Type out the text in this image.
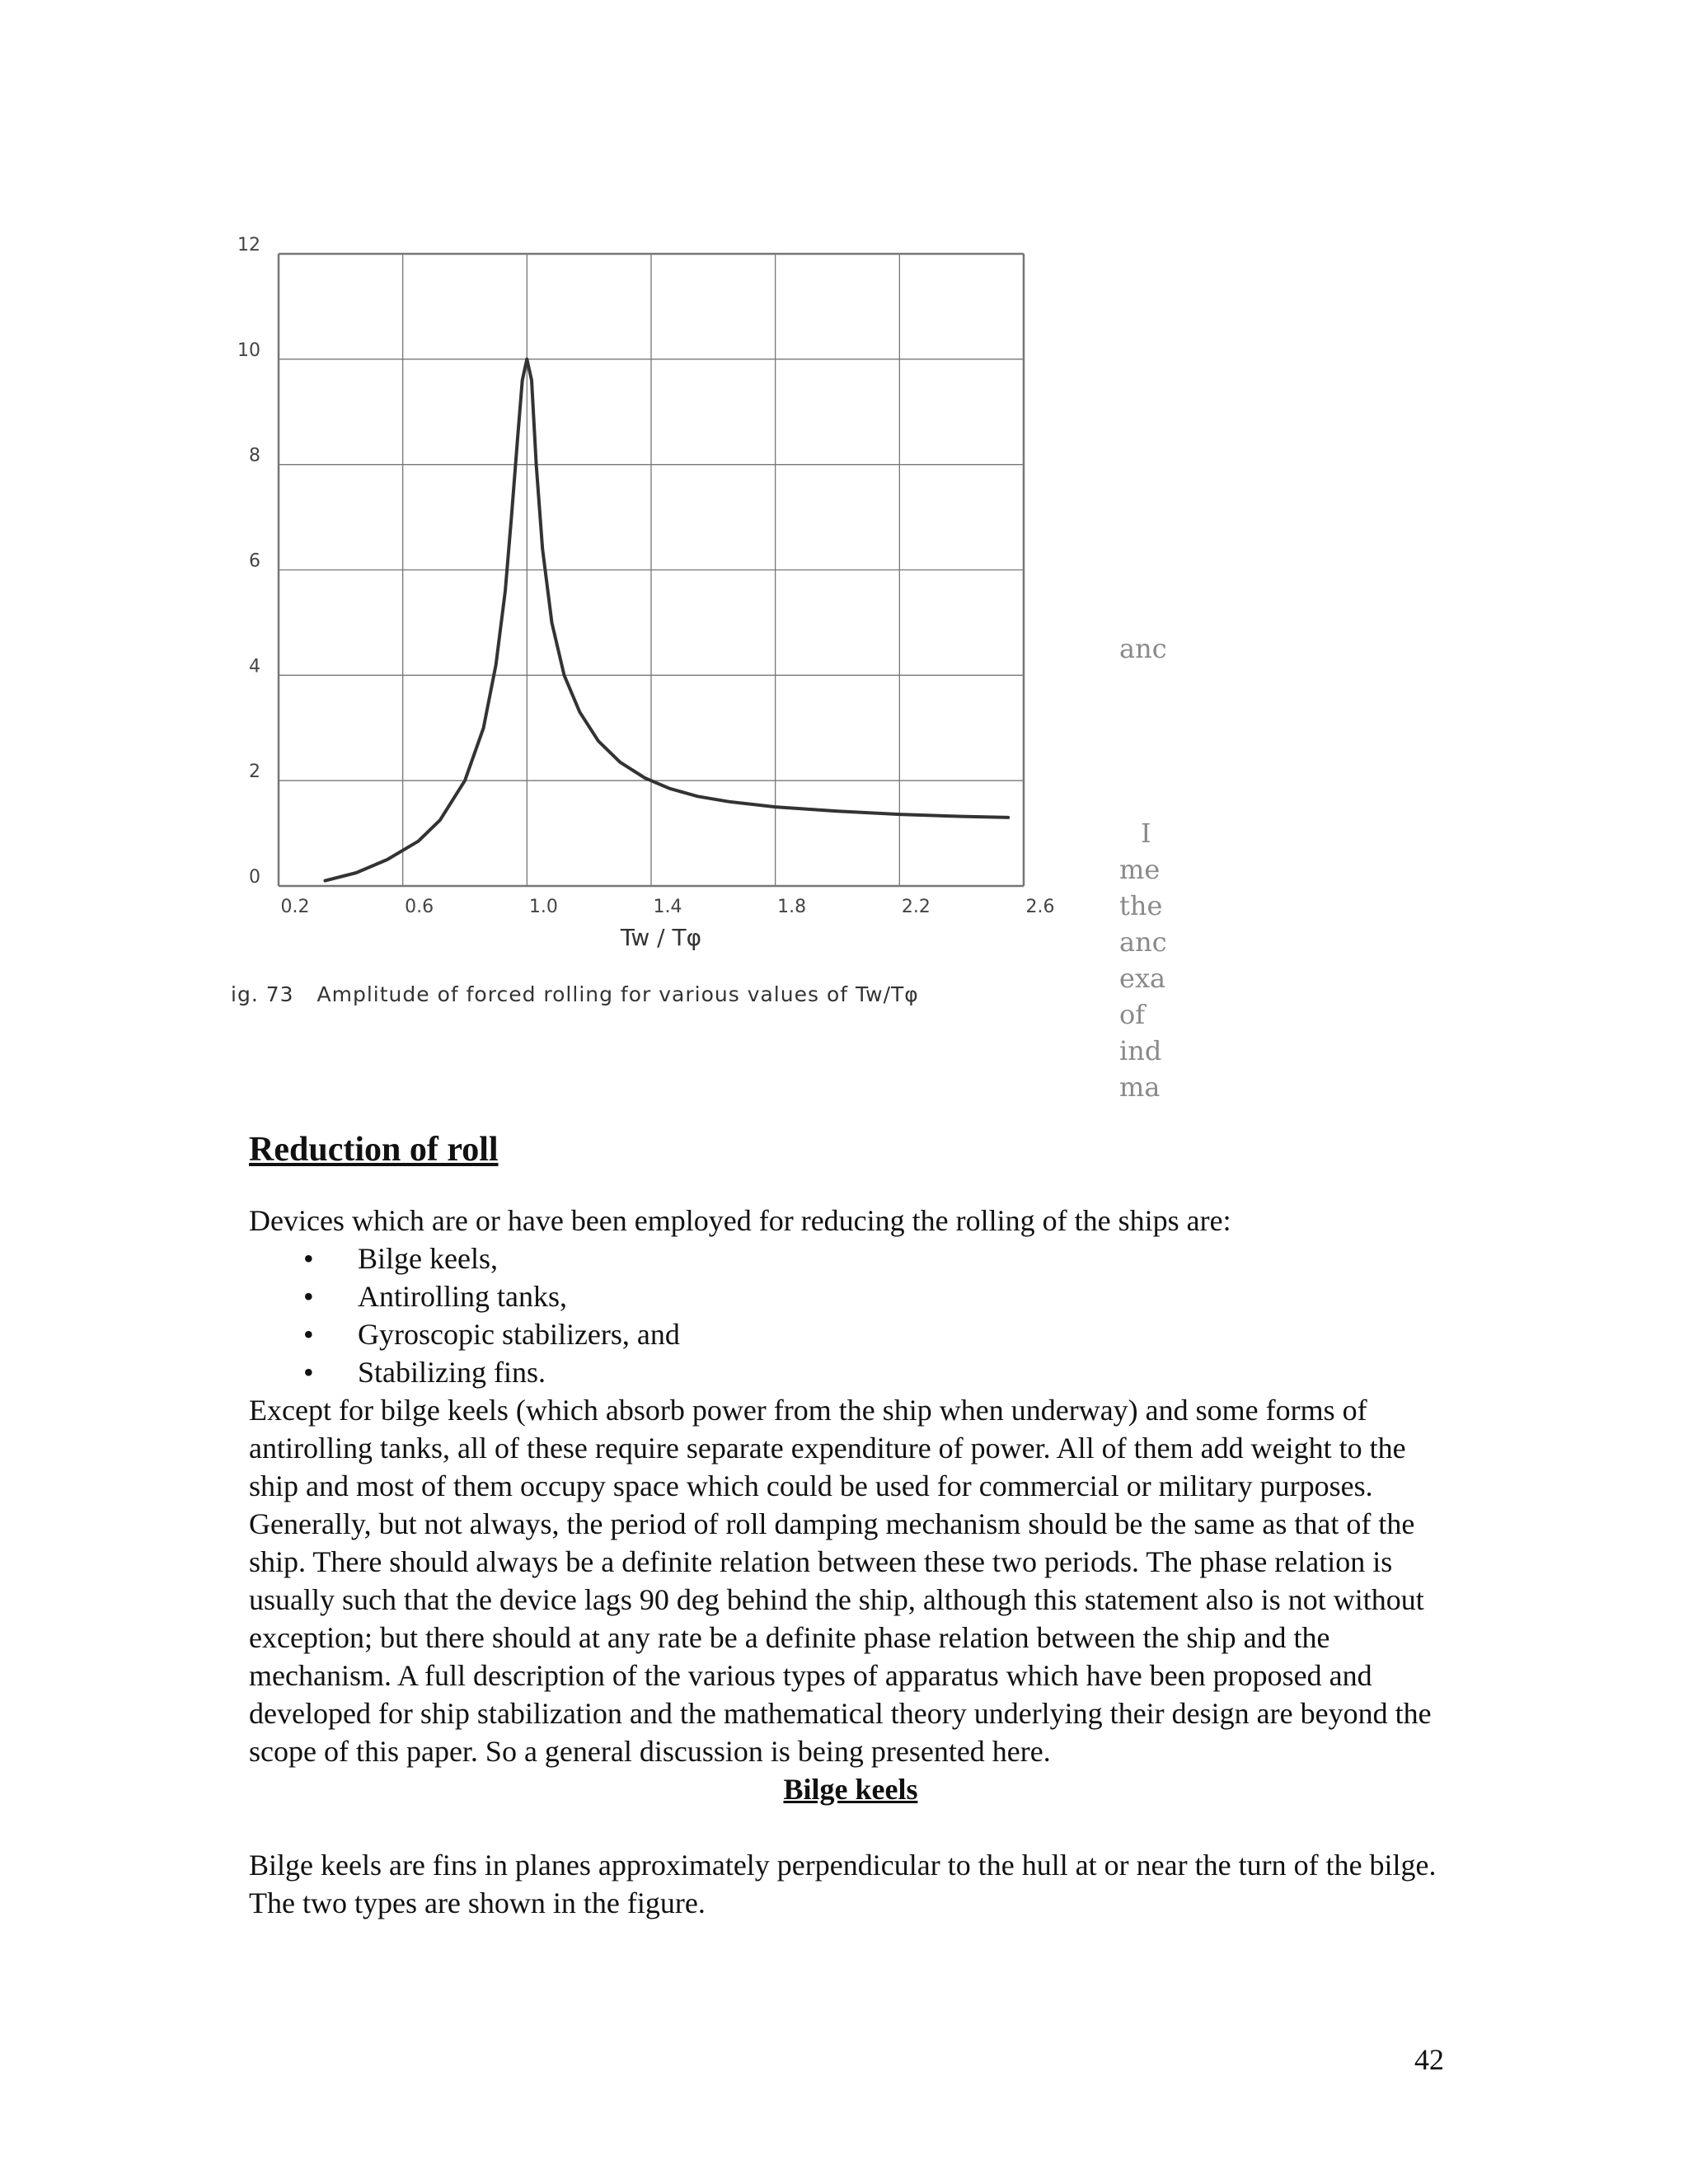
0
2
4
6
8
10
12
0.2	0.6	1.0	1.4	1.8	2.2	2.6
Tw / Tφ
ig. 73 Amplitude of forced rolling for various values of Tw/Tφ
anc
I
me
the
anc
exa
of
ind
ma
Reduction of roll

Devices which are or have been employed for reducing the rolling of the ships are:

• Bilge keels,
• Antirolling tanks,
• Gyroscopic stabilizers, and
• Stabilizing fins.

Except for bilge keels (which absorb power from the ship when underway) and some forms of antirolling tanks, all of these require separate expenditure of power. All of them add weight to the ship and most of them occupy space which could be used for commercial or military purposes. Generally, but not always, the period of roll damping mechanism should be the same as that of the ship. There should always be a definite relation between these two periods. The phase relation is usually such that the device lags 90 deg behind the ship, although this statement also is not without exception; but there should at any rate be a definite phase relation between the ship and the mechanism. A full description of the various types of apparatus which have been proposed and developed for ship stabilization and the mathematical theory underlying their design are beyond the scope of this paper. So a general discussion is being presented here.

Bilge keels

Bilge keels are fins in planes approximately perpendicular to the hull at or near the turn of the bilge. The two types are shown in the figure.

42
